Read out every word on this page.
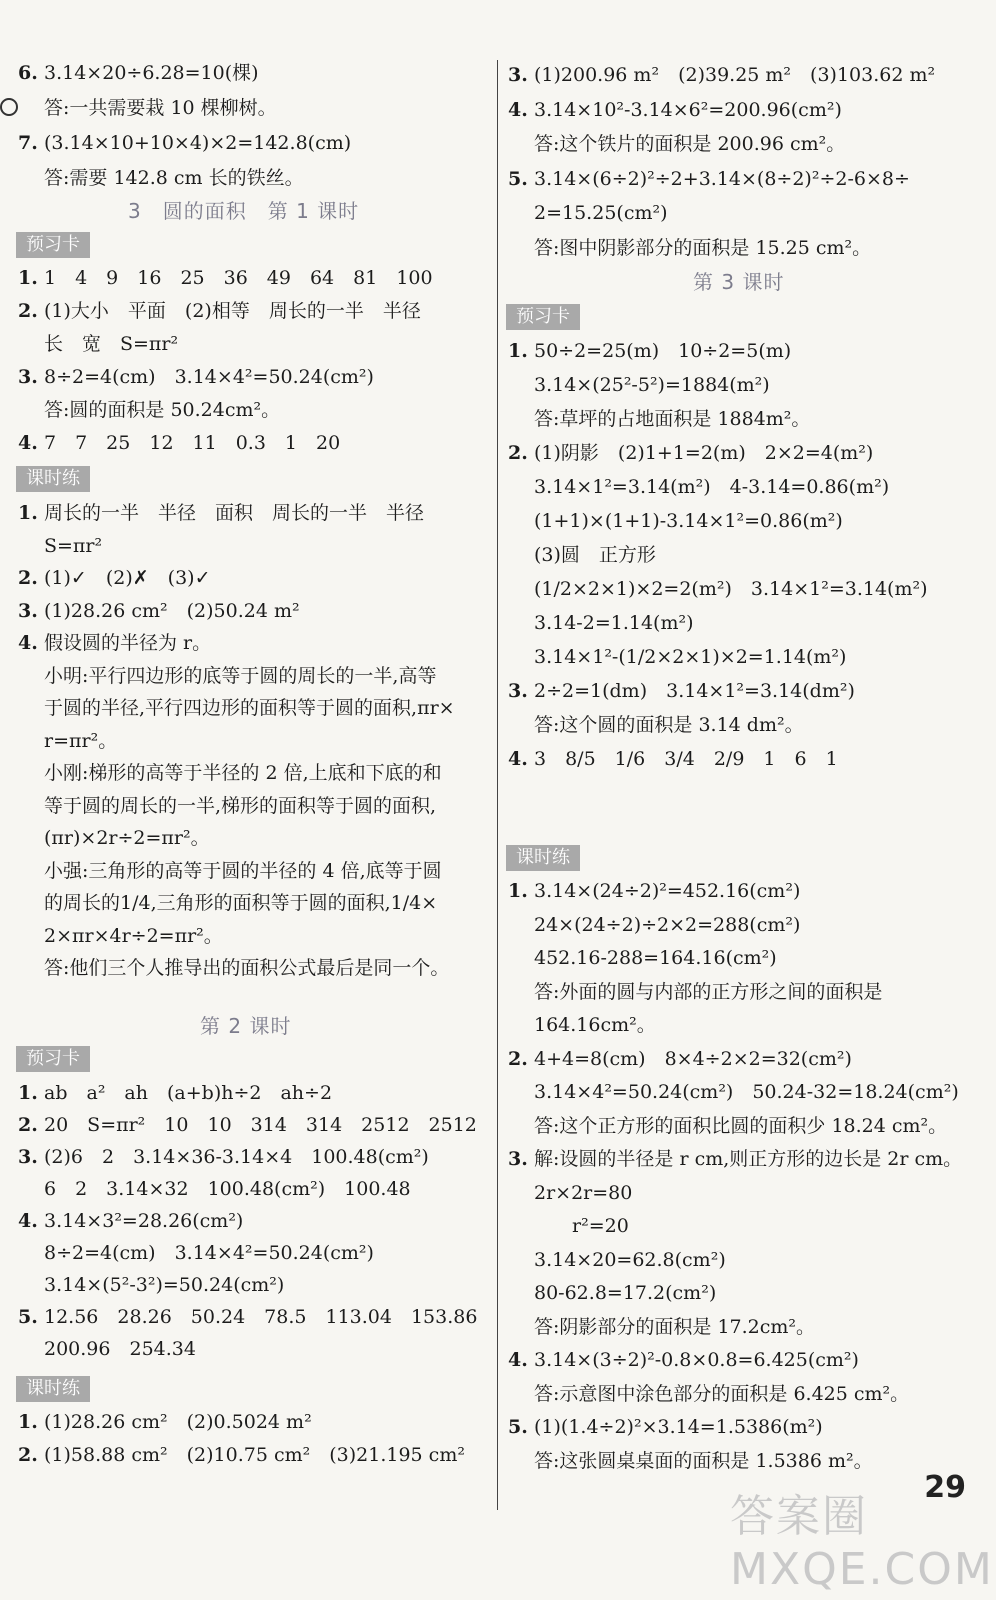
6. 3.14×20÷6.28=10(棵)
答:一共需要栽 10 棵柳树。
7. (3.14×10+10×4)×2=142.8(cm)
答:需要 142.8 cm 长的铁丝。
3　圆的面积　第 1 课时
预习卡
1. 1　4　9　16　25　36　49　64　81　100
2. (1)大小　平面　(2)相等　周长的一半　半径
长　宽　S=πr²
3. 8÷2=4(cm)　3.14×4²=50.24(cm²)
答:圆的面积是 50.24cm²。
4. 7　7　25　12　11　0.3　1　20
课时练
1. 周长的一半　半径　面积　周长的一半　半径
S=πr²
2. (1)✓　(2)✗　(3)✓
3. (1)28.26 cm²　(2)50.24 m²
4. 假设圆的半径为 r。
小明:平行四边形的底等于圆的周长的一半,高等
于圆的半径,平行四边形的面积等于圆的面积,πr×
r=πr²。
小刚:梯形的高等于半径的 2 倍,上底和下底的和
等于圆的周长的一半,梯形的面积等于圆的面积,
(πr)×2r÷2=πr²。
小强:三角形的高等于圆的半径的 4 倍,底等于圆
的周长的1/4,三角形的面积等于圆的面积,1/4×
2×πr×4r÷2=πr²。
答:他们三个人推导出的面积公式最后是同一个。
第 2 课时
预习卡
1. ab　a²　ah　(a+b)h÷2　ah÷2
2. 20　S=πr²　10　10　314　314　2512　2512
3. (2)6　2　3.14×36-3.14×4　100.48(cm²)
6　2　3.14×32　100.48(cm²)　100.48
4. 3.14×3²=28.26(cm²)
8÷2=4(cm)　3.14×4²=50.24(cm²)
3.14×(5²-3²)=50.24(cm²)
5. 12.56　28.26　50.24　78.5　113.04　153.86
200.96　254.34
课时练
1. (1)28.26 cm²　(2)0.5024 m²
2. (1)58.88 cm²　(2)10.75 cm²　(3)21.195 cm²
3. (1)200.96 m²　(2)39.25 m²　(3)103.62 m²
4. 3.14×10²-3.14×6²=200.96(cm²)
答:这个铁片的面积是 200.96 cm²。
5. 3.14×(6÷2)²÷2+3.14×(8÷2)²÷2-6×8÷
2=15.25(cm²)
答:图中阴影部分的面积是 15.25 cm²。
第 3 课时
预习卡
1. 50÷2=25(m)　10÷2=5(m)
3.14×(25²-5²)=1884(m²)
答:草坪的占地面积是 1884m²。
2. (1)阴影　(2)1+1=2(m)　2×2=4(m²)
3.14×1²=3.14(m²)　4-3.14=0.86(m²)
(1+1)×(1+1)-3.14×1²=0.86(m²)
(3)圆　正方形
(1/2×2×1)×2=2(m²)　3.14×1²=3.14(m²)
3.14-2=1.14(m²)
3.14×1²-(1/2×2×1)×2=1.14(m²)
3. 2÷2=1(dm)　3.14×1²=3.14(dm²)
答:这个圆的面积是 3.14 dm²。
4. 3　8/5　1/6　3/4　2/9　1　6　1
课时练
1. 3.14×(24÷2)²=452.16(cm²)
24×(24÷2)÷2×2=288(cm²)
452.16-288=164.16(cm²)
答:外面的圆与内部的正方形之间的面积是
164.16cm²。
2. 4+4=8(cm)　8×4÷2×2=32(cm²)
3.14×4²=50.24(cm²)　50.24-32=18.24(cm²)
答:这个正方形的面积比圆的面积少 18.24 cm²。
3. 解:设圆的半径是 r cm,则正方形的边长是 2r cm。
2r×2r=80
　　r²=20
3.14×20=62.8(cm²)
80-62.8=17.2(cm²)
答:阴影部分的面积是 17.2cm²。
4. 3.14×(3÷2)²-0.8×0.8=6.425(cm²)
答:示意图中涂色部分的面积是 6.425 cm²。
5. (1)(1.4÷2)²×3.14=1.5386(m²)
答:这张圆桌桌面的面积是 1.5386 m²。
29
答案圈 MXQE.COM
